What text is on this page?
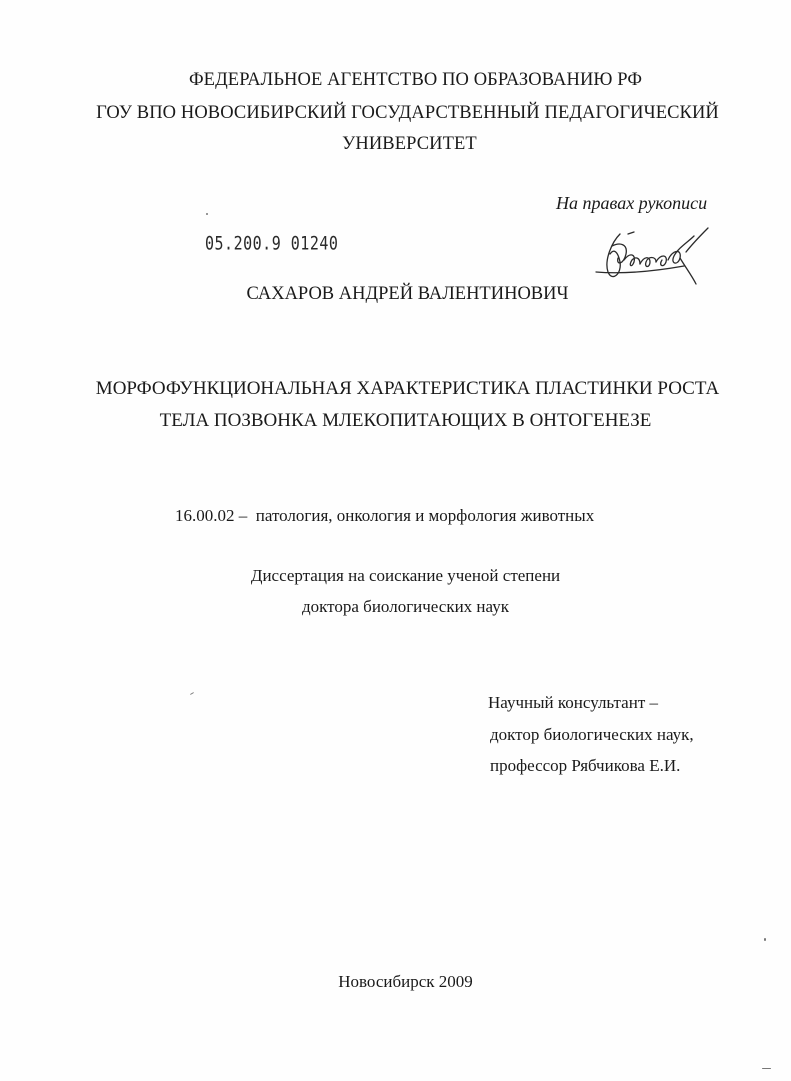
ФЕДЕРАЛЬНОЕ АГЕНТСТВО ПО ОБРАЗОВАНИЮ РФ
ГОУ ВПО НОВОСИБИРСКИЙ ГОСУДАРСТВЕННЫЙ ПЕДАГОГИЧЕСКИЙ
УНИВЕРСИТЕТ
На правах рукописи
05.200.9 01240
САХАРОВ АНДРЕЙ ВАЛЕНТИНОВИЧ
МОРФОФУНКЦИОНАЛЬНАЯ ХАРАКТЕРИСТИКА ПЛАСТИНКИ РОСТА
ТЕЛА ПОЗВОНКА МЛЕКОПИТАЮЩИХ В ОНТОГЕНЕЗЕ
16.00.02 –  патология, онкология и морфология животных
Диссертация на соискание ученой степени
доктора биологических наук
Научный консультант –
доктор биологических наук,
профессор Рябчикова Е.И.
Новосибирск 2009
